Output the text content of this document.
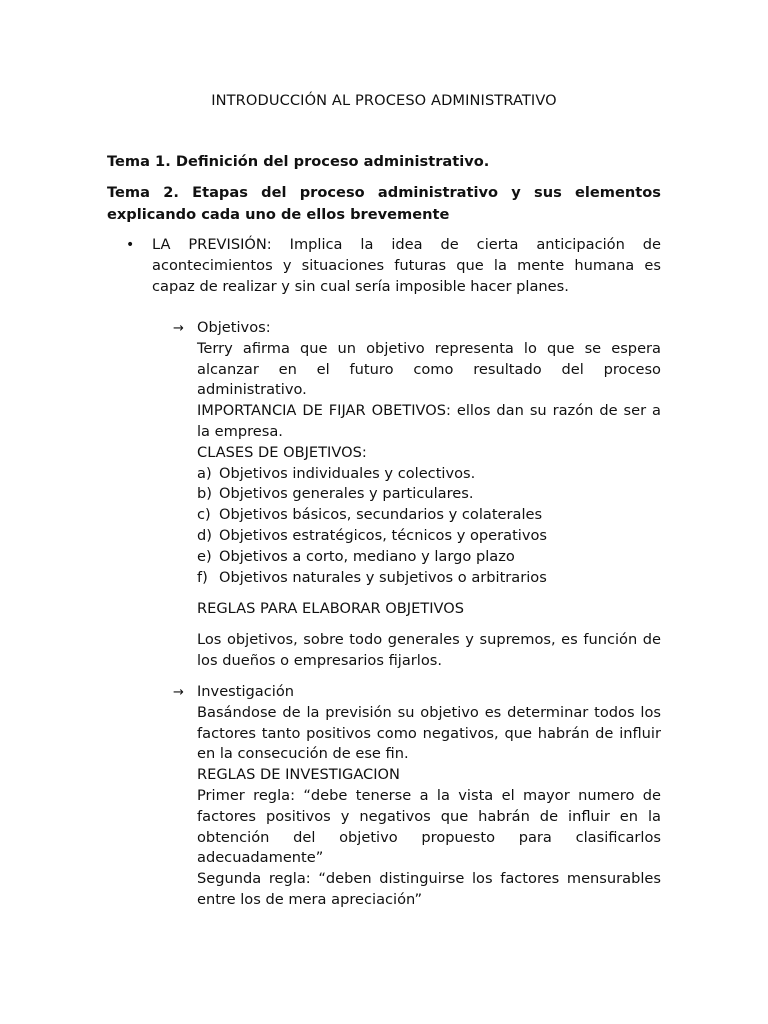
INTRODUCCIÓN AL PROCESO ADMINISTRATIVO
Tema 1. Definición del proceso administrativo.
Tema 2. Etapas del proceso administrativo y sus elementos explicando cada uno de ellos brevemente
• LA PREVISIÓN: Implica la idea de cierta anticipación de acontecimientos y situaciones futuras que la mente humana es capaz de realizar y sin cual sería imposible hacer planes.
→ Objetivos:
Terry afirma que un objetivo representa lo que se espera alcanzar en el futuro como resultado del proceso administrativo.
IMPORTANCIA DE FIJAR OBETIVOS: ellos dan su razón de ser a la empresa.
CLASES DE OBJETIVOS:
a) Objetivos individuales y colectivos.
b) Objetivos generales y particulares.
c) Objetivos básicos, secundarios y colaterales
d) Objetivos estratégicos, técnicos y operativos
e) Objetivos a corto, mediano y largo plazo
f) Objetivos naturales y subjetivos o arbitrarios
REGLAS PARA ELABORAR OBJETIVOS
Los objetivos, sobre todo generales y supremos, es función de los dueños o empresarios fijarlos.
→ Investigación
Basándose de la previsión su objetivo es determinar todos los factores tanto positivos como negativos, que habrán de influir en la consecución de ese fin.
REGLAS DE INVESTIGACION
Primer regla: “debe tenerse a la vista el mayor numero de factores positivos y negativos que habrán de influir en la obtención del objetivo propuesto para clasificarlos adecuadamente”
Segunda regla: “deben distinguirse los factores mensurables entre los de mera apreciación”
